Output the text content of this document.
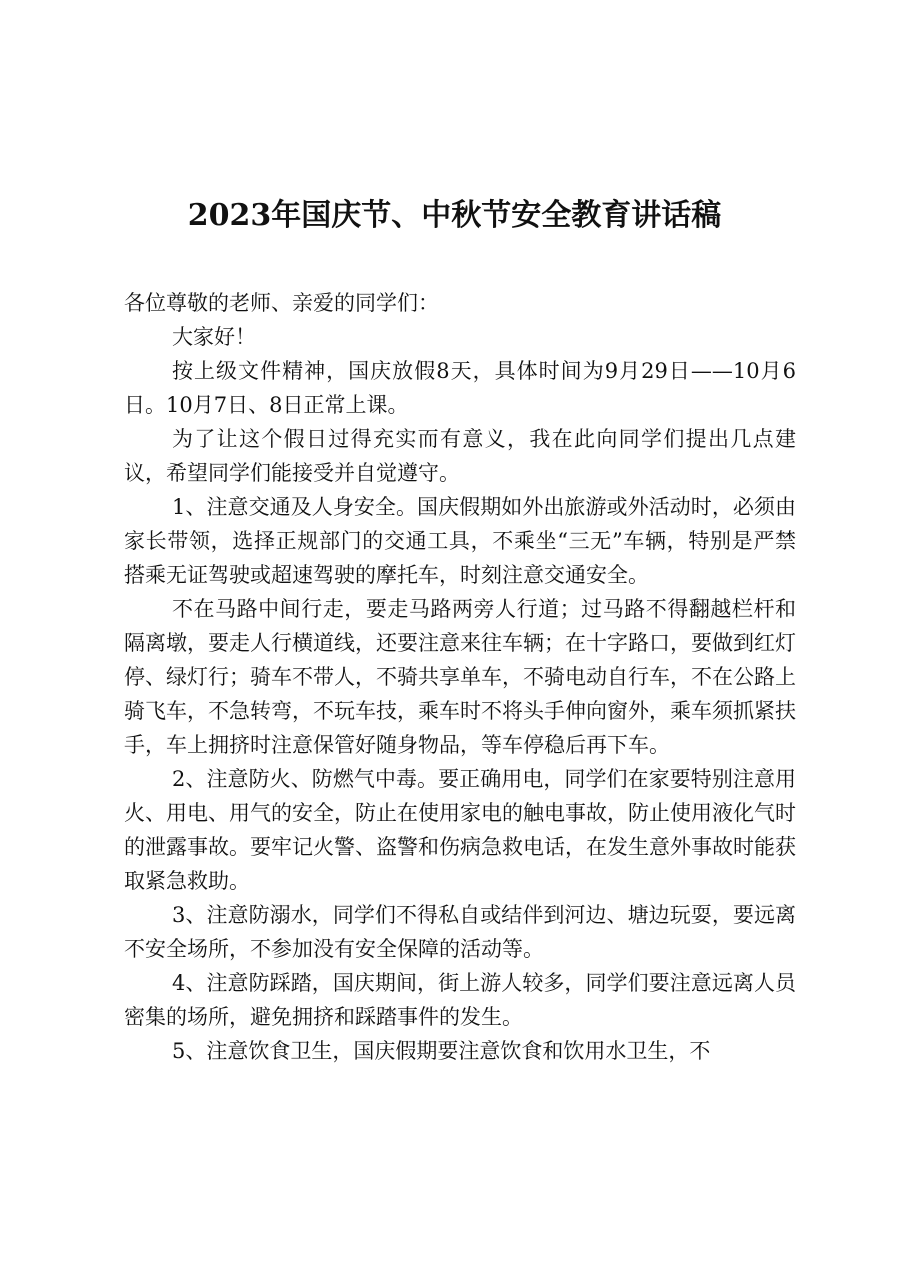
2023年国庆节、中秋节安全教育讲话稿

各位尊敬的老师、亲爱的同学们：

大家好！

按上级文件精神，国庆放假8天，具体时间为9月29日——10月6日。10月7日、8日正常上课。

为了让这个假日过得充实而有意义，我在此向同学们提出几点建议，希望同学们能接受并自觉遵守。

1、注意交通及人身安全。国庆假期如外出旅游或外活动时，必须由家长带领，选择正规部门的交通工具，不乘坐“三无”车辆，特别是严禁搭乘无证驾驶或超速驾驶的摩托车，时刻注意交通安全。

不在马路中间行走，要走马路两旁人行道；过马路不得翻越栏杆和隔离墩，要走人行横道线，还要注意来往车辆；在十字路口，要做到红灯停、绿灯行；骑车不带人，不骑共享单车，不骑电动自行车，不在公路上骑飞车，不急转弯，不玩车技，乘车时不将头手伸向窗外，乘车须抓紧扶手，车上拥挤时注意保管好随身物品，等车停稳后再下车。

2、注意防火、防燃气中毒。要正确用电，同学们在家要特别注意用火、用电、用气的安全，防止在使用家电的触电事故，防止使用液化气时的泄露事故。要牢记火警、盗警和伤病急救电话，在发生意外事故时能获取紧急救助。

3、注意防溺水，同学们不得私自或结伴到河边、塘边玩耍，要远离不安全场所，不参加没有安全保障的活动等。

4、注意防踩踏，国庆期间，街上游人较多，同学们要注意远离人员密集的场所，避免拥挤和踩踏事件的发生。

5、注意饮食卫生，国庆假期要注意饮食和饮用水卫生，不
